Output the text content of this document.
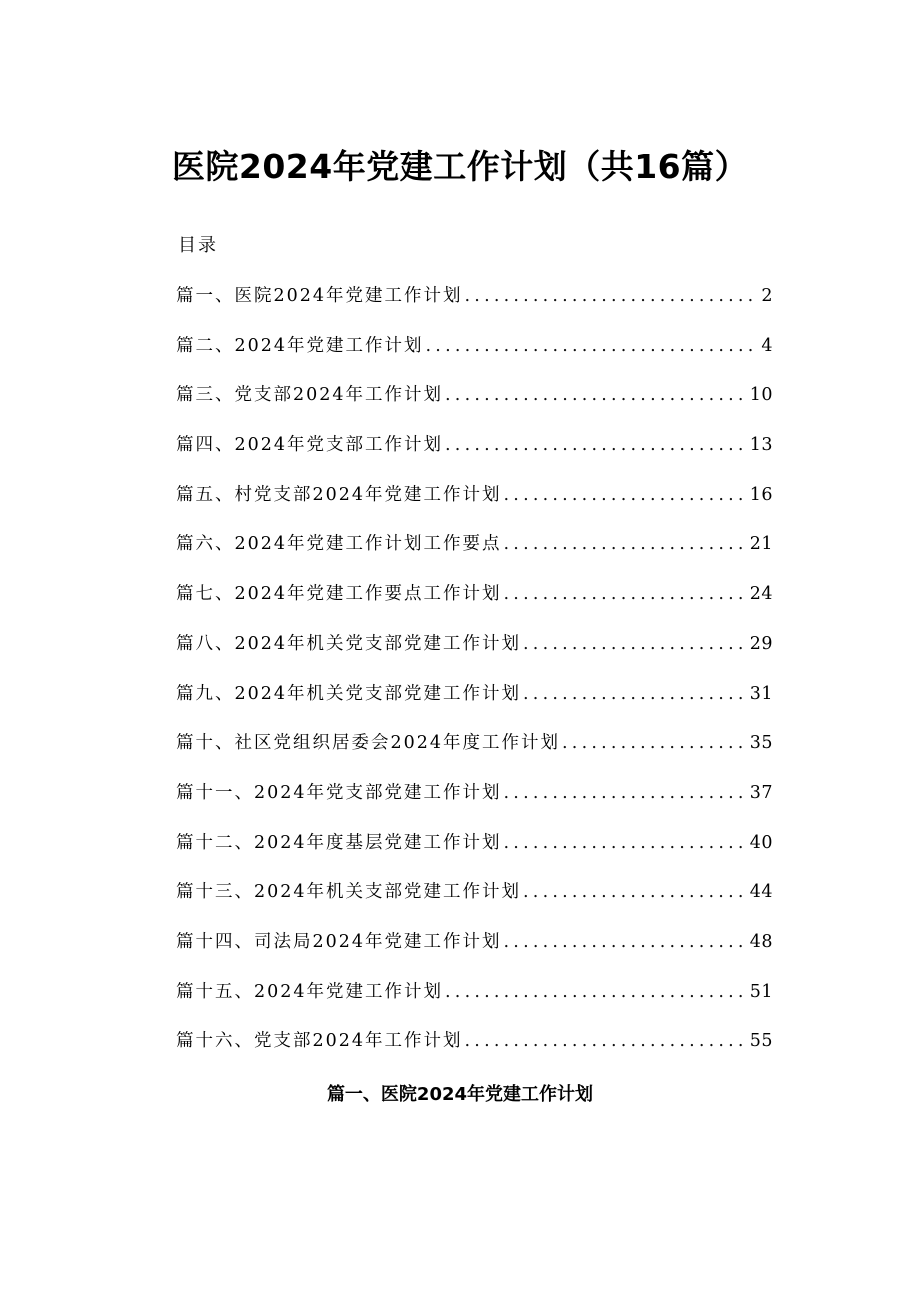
医院2024年党建工作计划（共16篇）
目录
篇一、医院2024年党建工作计划 .....	2
篇二、2024年党建工作计划 .....	4
篇三、党支部2024年工作计划 .....	10
篇四、2024年党支部工作计划 .....	13
篇五、村党支部2024年党建工作计划 .....	16
篇六、2024年党建工作计划工作要点 .....	21
篇七、2024年党建工作要点工作计划 .....	24
篇八、2024年机关党支部党建工作计划 .....	29
篇九、2024年机关党支部党建工作计划 .....	31
篇十、社区党组织居委会2024年度工作计划 .....	35
篇十一、2024年党支部党建工作计划 .....	37
篇十二、2024年度基层党建工作计划 .....	40
篇十三、2024年机关支部党建工作计划 .....	44
篇十四、司法局2024年党建工作计划 .....	48
篇十五、2024年党建工作计划 .....	51
篇十六、党支部2024年工作计划 .....	55
篇一、医院2024年党建工作计划
